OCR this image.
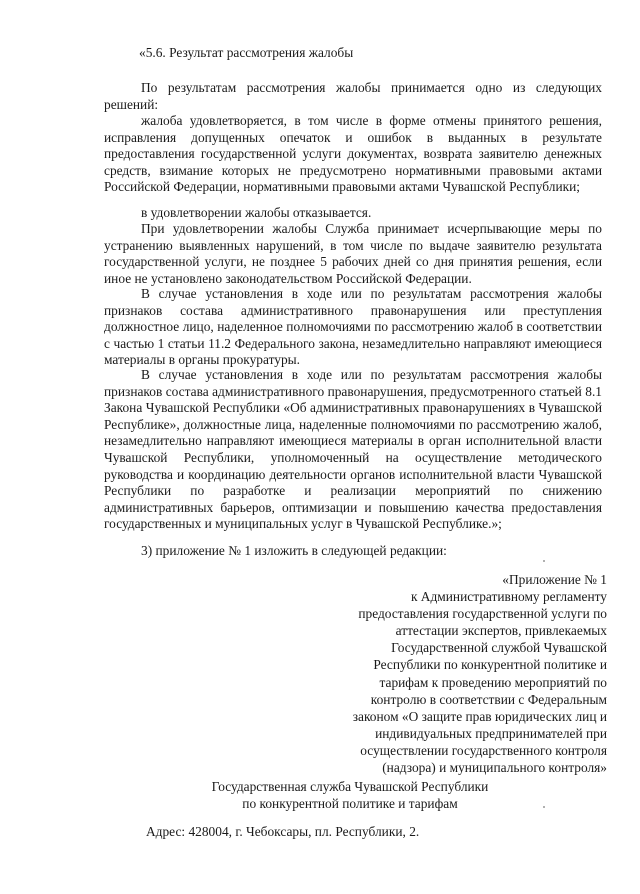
«5.6. Результат рассмотрения жалобы

По результатам рассмотрения жалобы принимается одно из следующих решений:

жалоба удовлетворяется, в том числе в форме отмены принятого решения, исправления допущенных опечаток и ошибок в выданных в результате предоставления государственной услуги документах, возврата заявителю денежных средств, взимание которых не предусмотрено нормативными правовыми актами Российской Федерации, нормативными правовыми актами Чувашской Республики;

в удовлетворении жалобы отказывается.

При удовлетворении жалобы Служба принимает исчерпывающие меры по устранению выявленных нарушений, в том числе по выдаче заявителю результата государственной услуги, не позднее 5 рабочих дней со дня принятия решения, если иное не установлено законодательством Российской Федерации.

В случае установления в ходе или по результатам рассмотрения жалобы признаков состава административного правонарушения или преступления должностное лицо, наделенное полномочиями по рассмотрению жалоб в соответствии с частью 1 статьи 11.2 Федерального закона, незамедлительно направляют имеющиеся материалы в органы прокуратуры.

В случае установления в ходе или по результатам рассмотрения жалобы признаков состава административного правонарушения, предусмотренного статьей 8.1 Закона Чувашской Республики «Об административных правонарушениях в Чувашской Республике», должностные лица, наделенные полномочиями по рассмотрению жалоб, незамедлительно направляют имеющиеся материалы в орган исполнительной власти Чувашской Республики, уполномоченный на осуществление методического руководства и координацию деятельности органов исполнительной власти Чувашской Республики по разработке и реализации мероприятий по снижению административных барьеров, оптимизации и повышению качества предоставления государственных и муниципальных услуг в Чувашской Республике.»;

3) приложение № 1 изложить в следующей редакции:

«Приложение № 1
к Административному регламенту
предоставления государственной услуги по
аттестации экспертов, привлекаемых
Государственной службой Чувашской
Республики по конкурентной политике и
тарифам к проведению мероприятий по
контролю в соответствии с Федеральным
законом «О защите прав юридических лиц и
индивидуальных предпринимателей при
осуществлении государственного контроля
(надзора) и муниципального контроля»
Государственная служба Чувашской Республики
по конкурентной политике и тарифам

Адрес: 428004, г. Чебоксары, пл. Республики, 2.
